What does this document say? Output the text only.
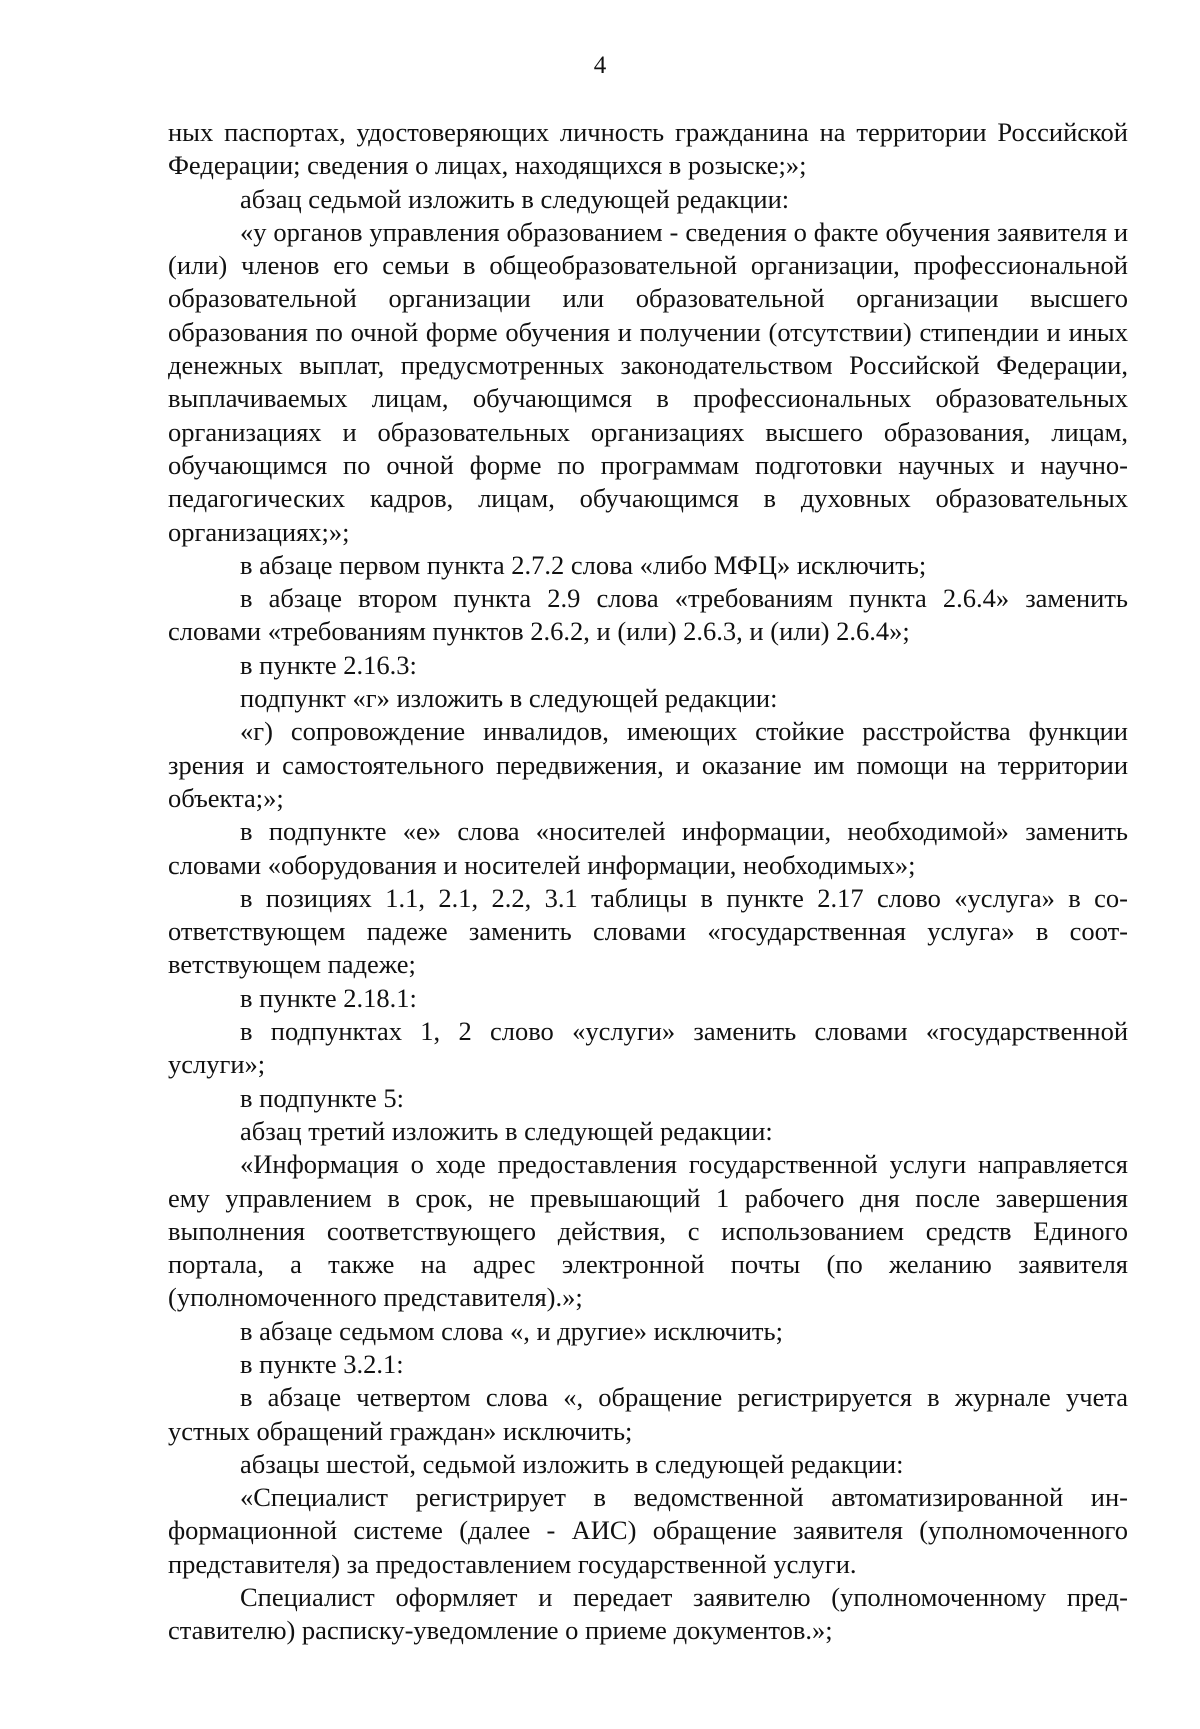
4

ных паспортах, удостоверяющих личность гражданина на территории Российской Федерации; сведения о лицах, находящихся в розыске;»;

абзац седьмой изложить в следующей редакции:

«у органов управления образованием - сведения о факте обучения заявителя и (или) членов его семьи в общеобразовательной организации, профессиональной образовательной организации или образовательной организации высшего образования по очной форме обучения и получении (отсутствии) стипендии и иных денежных выплат, предусмотренных законодательством Российской Федерации, выплачиваемых лицам, обучающимся в профессиональных образовательных организациях и образовательных организациях высшего образования, лицам, обучающимся по очной форме по программам подготовки научных и научно-педагогических кадров, лицам, обучающимся в духовных образовательных организациях;»;

в абзаце первом пункта 2.7.2 слова «либо МФЦ» исключить;

в абзаце втором пункта 2.9 слова «требованиям пункта 2.6.4» заменить словами «требованиям пунктов 2.6.2, и (или) 2.6.3, и (или) 2.6.4»;

в пункте 2.16.3:

подпункт «г» изложить в следующей редакции:

«г) сопровождение инвалидов, имеющих стойкие расстройства функции зрения и самостоятельного передвижения, и оказание им помощи на территории объекта;»;

в подпункте «е» слова «носителей информации, необходимой» заменить словами «оборудования и носителей информации, необходимых»;

в позициях 1.1, 2.1, 2.2, 3.1 таблицы в пункте 2.17 слово «услуга» в соответствующем падеже заменить словами «государственная услуга» в соответствующем падеже;

в пункте 2.18.1:

в подпунктах 1, 2 слово «услуги» заменить словами «государственной услуги»;

в подпункте 5:

абзац третий изложить в следующей редакции:

«Информация о ходе предоставления государственной услуги направляется ему управлением в срок, не превышающий 1 рабочего дня после завершения выполнения соответствующего действия, с использованием средств Единого портала, а также на адрес электронной почты (по желанию заявителя (уполномоченного представителя).»;

в абзаце седьмом слова «, и другие» исключить;

в пункте 3.2.1:

в абзаце четвертом слова «, обращение регистрируется в журнале учета устных обращений граждан» исключить;

абзацы шестой, седьмой изложить в следующей редакции:

«Специалист регистрирует в ведомственной автоматизированной информационной системе (далее - АИС) обращение заявителя (уполномоченного представителя) за предоставлением государственной услуги.

Специалист оформляет и передает заявителю (уполномоченному представителю) расписку-уведомление о приеме документов.»;
